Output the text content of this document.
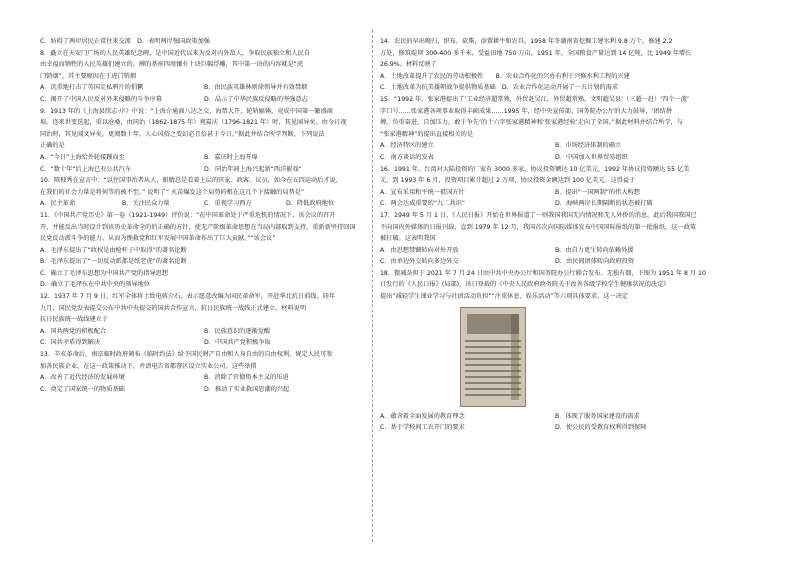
C．妨碍了两岸居民正常往来交流　D．表明两岸强国政策加强
8．矗立在天安门广场的人民英雄纪念碑，是中国近代以来为反对内外敌人，争取民族独立和人民自
由幸福而牺牲的人民英雄们建立的。碑的基座四周镶有十块巨幅浮雕，其中第一块的内容就是“虎
门销烟”。其主要原因在于虎门销烟
A．沉重地打击了英国走私鸦片的猖獗	B．由民族英雄林则徐领导并有效禁烟
C．揭开了中国人民反对外来侵略的斗争序幕	D．晶示了中华民族反侵略的坚强意志
9．1913 年的《上海县续志·序》中说：“上海介通商八达之交，海禁大开，轮轨辐辏，竟成中国第一繁盛商
埠。迩来世变迭起，重以沧桑，由同治（1862-1875 年）观嘉庆（1796-1821 年）时，其见闻异矣。由今日视
同治时，其见闻又异矣。更阅数十年，人心风俗之变幻必且倍甚于今日。”据此并结合所学判断，下列说法
正确的是
A．“今日”上海恰外轮接踵而至	B．嘉庆时上海开埠
C．“数十年”后上海已有公共汽车	D．同治年间上海兴起新“西洋影戏”
10．陈独秀在宣言中：“以往国事治者从人，眼睛总是看着上层的官家、政客、议员，如今在五四运动后才说，
在我们的社会力量是将何等的被不至。” 说明了“ 火苗爆发这个局势的根在这几个下接触的局势是”
A．民主革命	B．关注民众力量	C．重视学习西方	D．降低政府地位
11．《中国共产党历史》第一卷（1921-1949）评价说：“在中国革命处于严重危机的情况下，该会议的召开
开，并能反出当时设计到该历史革命全的的正确的方针，使无产阶级革命思想在当局内部取到支持，重新新坚持回国
民党反动派斗争的能力。从而为挽救党和红军发展中国革命作出了巨大贡献。”“该会议”
A．毛泽东提出了“政权是由枪杆子中取得”的著名论断
B．毛泽东提出了“一切反动派都是纸老虎”的著名论断
C．确立了毛泽东思想为中国共产党的指导思想
D．确立了毛泽东在中共中央的领导地位
12．1937 年 7 月 9 日，红军全体将士致电蒋介石，表示愿意改编为国民革命军，开赴华北抗日前线。同年
九月，国民党发表提交公布中共中央提交的国共合作宣言，抗日民族统一战线正式建立。材料说明
抗日民族统一战线建立于
A．国共两党的积极配合	B．民族意识的逐渐觉醒
C．国共矛盾得到解决	D．中国共产党积极争取
13．辛亥革命后，南京临时政府颁布《临时约法》给予国民财产自由和人身自由的自由权利，规定人民可参
加各民族企业。在这一政策推动下，并请电告省都督区设立实业公司。这些举措
A．改善了近代经济的发展环境	B．消除了官僚资本主义的压迫
C．奠定了国家统一的物质基础	D．推动了实业救国思潮的兴起
14．农民的早出晚归，织布、砍柴，添置耕牛和农具。1958 年冬湖南省挖掘工建水利 9.8 万个，修建 2.2
万处，修筑堤坝 300-400 多千米，受益田地 750 万亩。1951 年，全国粮食产量达到 14 亿吨，比 1949 年增长
26.9%。材料反映了
A．土地改革提升了农民的劳动积极性　　B．农业合作化的兴办有利于兴修水利工程的兴建
C．土地改革为抗美援朝战争提供物质基础　D．农业合作化运动开展了一五计划的需求
15．“1992 年，张家港提出了‘工业经济超常熟，外贸赶吴江，外贸超常熟，文明超吴县’（三超一赶）‘四个一流’
字口号……张家港各项事业取得丰硕成果……1995 年，经中央宣传部，国务院办公厅的大力鼓导，‘团结拼
搏，负重奋进，自加压力，敢于争先’的十六字张家港精神和‘张家港经验’走向了全国。”据此材料并结合所学，与
“张家港精神”的提出直接相关的是
A．经济特区的建立	B．市场经济体制的确立
C．南方谈话的发表	D．中国加入世界贸易组织
16．1991 年，台湾对大陆投资的厂家有 3000 多家，协议投资额达 10 亿美元，1992 年协议投资额达 55 亿美
元，到 1993 年 6 月，投资项目累计超过 2 万项，协议投资金额达到 100 亿美元。这得益于
A．宣布采用和平统一祖国方针	B．提出“一国两制”的伟大构想
C．两会达成重要的“九二共识”	D．海峡两岸长期隔断的状态被打破
17．1949 年 5 月 1 日，《人民日报》开始在世界报道了一则我国我国无内情况和无人外侨的消息。此后我国我国已
不向国内外媒体的日报刊载，直到 1979 年 12 月，我国首次向国际媒体发布中国国际报纸的第一批报纸，这一政策
被打破。这表明我国
A．由思想禁锢转向对外开放	B．由自力更生转向依赖外援
C．由单边外交转向多边外交	D．由民间团体转向政府投资
18．微减杂担于 2021 年 7 月 24 日由中共中央办公厅和国务院办公厅联合发布。无独有偶，下图为 1951 年 8 月 10
日发行的《人民日报》(局部)，该日登载的《中央人民政府政务院关于改善各级学校学生健康状况的决定》
提出“减轻学生课业学习与社团活动负担”“注重休息、娱乐活动”等六项具体要求。这一决定
A．蕴含着全面发展的教育理念	B．体现了服务国家建设的需求
C．基于学校间工农开门的要求	D．使公民的受教育权利得到保障
